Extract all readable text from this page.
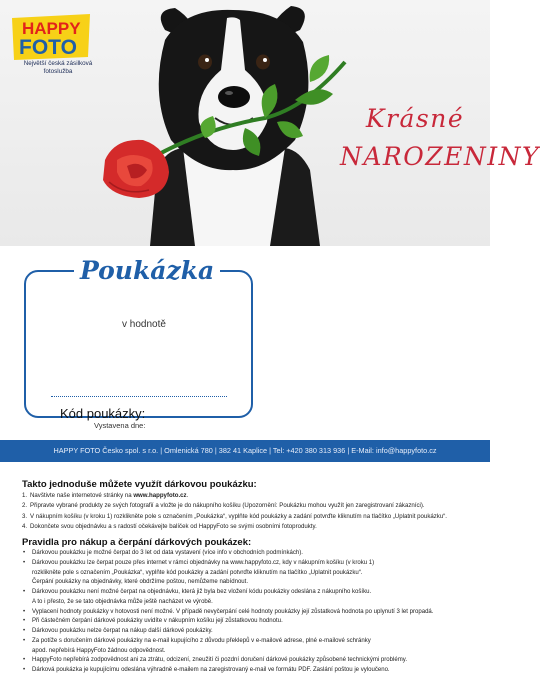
HAPPY
FOTO
Největší česká zásilková fotoslužba
Krásné
NAROZENINY
v hodnotě
Kód poukázky:
Poukázka
Vystavena dne:
HAPPY FOTO Česko spol. s r.o. | Omlenická 780 | 382 41 Kaplice | Tel: +420 380 313 936 | E-Mail: info@happyfoto.cz
Takto jednoduše můžete využít dárkovou poukázku:
1. Navštivte naše internetové stránky na www.happyfoto.cz.
2. Připravte vybrané produkty ze svých fotografií a vložte je do nákupního košíku (Upozornění: Poukázku mohou využít jen zaregistrovaní zákazníci).
3. V nákupním košíku (v kroku 1) rozklikněte pole s označením „Poukázka“, vyplňte kód poukázky a zadání potvrďte kliknutím na tlačítko „Uplatnit poukázku“.
4. Dokončete svou objednávku a s radostí očekávejte balíček od HappyFoto se svými osobními fotoprodukty.
Pravidla pro nákup a čerpání dárkových poukázek:
• Dárkovou poukázku je možné čerpat do 3 let od data vystavení (více info v obchodních podmínkách).
• Dárkovou poukázku lze čerpat pouze přes internet v rámci objednávky na www.happyfoto.cz, kdy v nákupním košíku (v kroku 1)
rozklikněte pole s označením „Poukázka“, vyplňte kód poukázky a zadání potvrďte kliknutím na tlačítko „Uplatnit poukázku“.
Čerpání poukázky na objednávky, které obdržíme poštou, nemůžeme nabídnout.
• Dárkovou poukázku není možné čerpat na objednávku, která již byla bez vložení kódu poukázky odeslána z nákupního košíku.
A to i přesto, že se tato objednávka může ještě nacházet ve výrobě.
• Vyplacení hodnoty poukázky v hotovosti není možné. V případě nevyčerpání celé hodnoty poukázky její zůstatková hodnota po uplynutí 3 let propadá.
• Při částečném čerpání dárkové poukázky uvidíte v nákupním košíku její zůstatkovou hodnotu.
• Dárkovou poukázku nelze čerpat na nákup další dárkové poukázky.
• Za potíže s doručením dárkové poukázky na e-mail kupujícího z důvodu překlepů v e-mailové adrese, plné e-mailové schránky
apod. nepřebírá HappyFoto žádnou odpovědnost.
• HappyFoto nepřebírá zodpovědnost ani za ztrátu, odcizení, zneužití či pozdní doručení dárkové poukázky způsobené technickými problémy.
• Dárková poukázka je kupujícímu odeslána výhradně e-mailem na zaregistrovaný e-mail ve formátu PDF. Zaslání poštou je vyloučeno.
